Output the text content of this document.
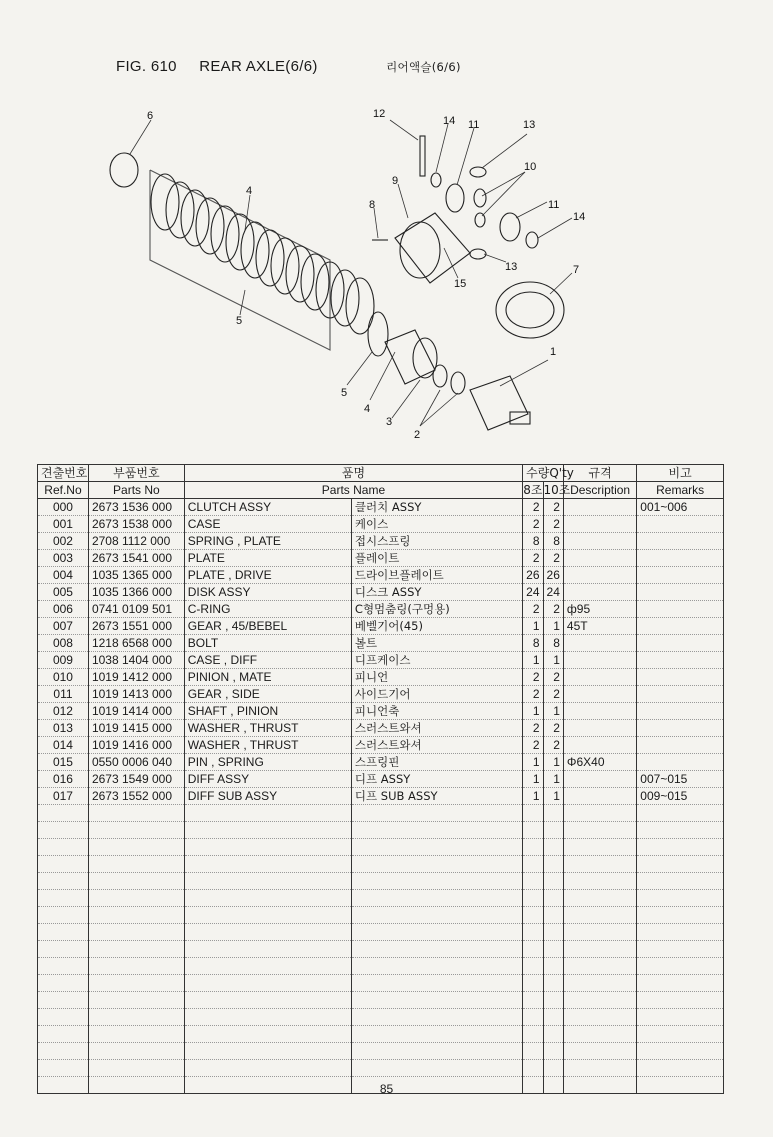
FIG. 610 REAR AXLE(6/6)	리어액슬(6/6)
6
4
5
5
4
3
2
1
7
12
14 11	13
10
9
8	11
14
13
15
견출번호	부품번호	품명		수량Q'ty		규격	비고
Ref.No	Parts No	Parts Name		8조	10조	Description	Remarks
000	2673 1536 000	CLUTCH ASSY	클러치 ASSY	2	2		001~006
001	2673 1538 000	CASE	케이스	2	2		
002	2708 1112 000	SPRING , PLATE	접시스프링	8	8		
003	2673 1541 000	PLATE	플레이트	2	2		
004	1035 1365 000	PLATE , DRIVE	드라이브플레이트	26	26		
005	1035 1366 000	DISK ASSY	디스크 ASSY	24	24		
006	0741 0109 501	C-RING	C형멈춤링(구멍용)	2	2	ф95	
007	2673 1551 000	GEAR , 45/BEBEL	베벨기어(45)	1	1	45T	
008	1218 6568 000	BOLT	볼트	8	8		
009	1038 1404 000	CASE , DIFF	디프케이스	1	1		
010	1019 1412 000	PINION , MATE	피니언	2	2		
011	1019 1413 000	GEAR , SIDE	사이드기어	2	2		
012	1019 1414 000	SHAFT , PINION	피니언축	1	1		
013	1019 1415 000	WASHER , THRUST	스러스트와셔	2	2		
014	1019 1416 000	WASHER , THRUST	스러스트와셔	2	2		
015	0550 0006 040	PIN , SPRING	스프링핀	1	1	Φ6X40	
016	2673 1549 000	DIFF ASSY	디프 ASSY	1	1		007~015
017	2673 1552 000	DIFF SUB ASSY	디프 SUB ASSY	1	1		009~015

85
